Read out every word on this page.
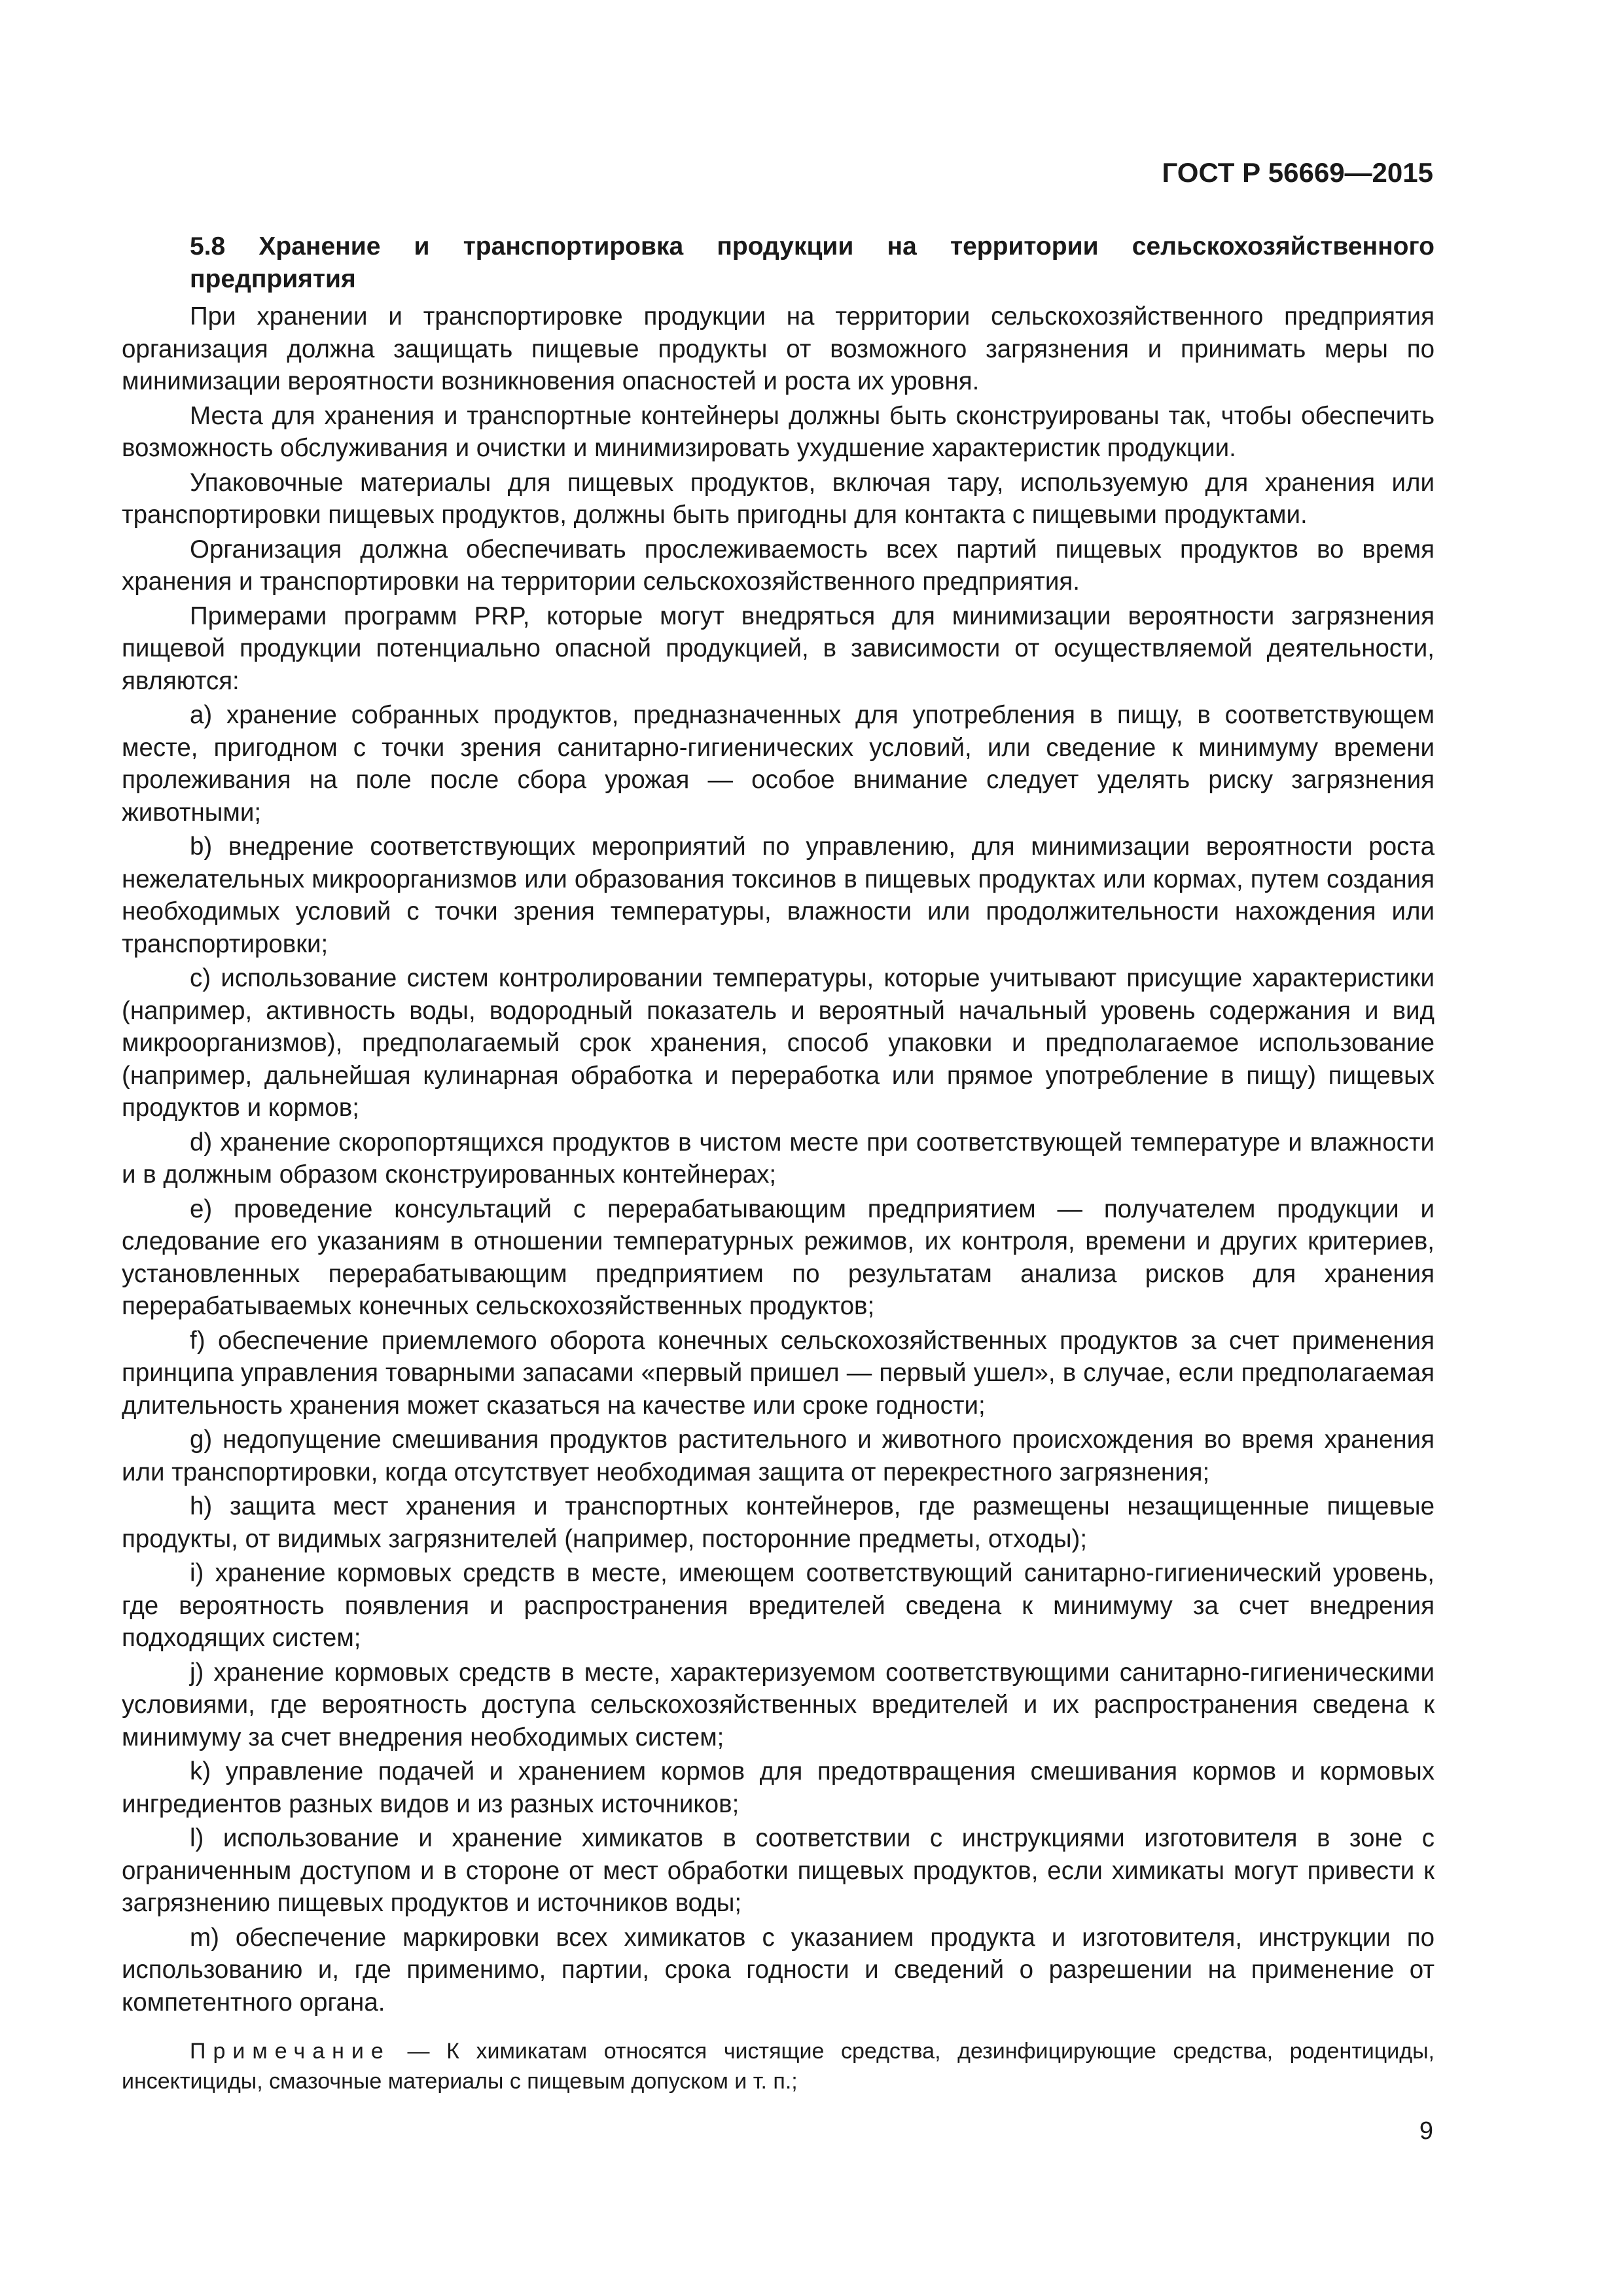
ГОСТ Р 56669—2015
5.8 Хранение и транспортировка продукции на территории сельскохозяйственного
предприятия

При хранении и транспортировке продукции на территории сельскохозяйственного предприятия организация должна защищать пищевые продукты от возможного загрязнения и принимать меры по минимизации вероятности возникновения опасностей и роста их уровня.

Места для хранения и транспортные контейнеры должны быть сконструированы так, чтобы обеспечить возможность обслуживания и очистки и минимизировать ухудшение характеристик продукции.

Упаковочные материалы для пищевых продуктов, включая тару, используемую для хранения или транспортировки пищевых продуктов, должны быть пригодны для контакта с пищевыми продуктами.

Организация должна обеспечивать прослеживаемость всех партий пищевых продуктов во время хранения и транспортировки на территории сельскохозяйственного предприятия.

Примерами программ PRP, которые могут внедряться для минимизации вероятности загрязнения пищевой продукции потенциально опасной продукцией, в зависимости от осуществляемой деятельности, являются:

a) хранение собранных продуктов, предназначенных для употребления в пищу, в соответствующем месте, пригодном с точки зрения санитарно-гигиенических условий, или сведение к минимуму времени пролеживания на поле после сбора урожая — особое внимание следует уделять риску загрязнения животными;

b) внедрение соответствующих мероприятий по управлению, для минимизации вероятности роста нежелательных микроорганизмов или образования токсинов в пищевых продуктах или кормах, путем создания необходимых условий с точки зрения температуры, влажности или продолжительности нахождения или транспортировки;

c) использование систем контролировании температуры, которые учитывают присущие характеристики (например, активность воды, водородный показатель и вероятный начальный уровень содержания и вид микроорганизмов), предполагаемый срок хранения, способ упаковки и предполагаемое использование (например, дальнейшая кулинарная обработка и переработка или прямое употребление в пищу) пищевых продуктов и кормов;

d) хранение скоропортящихся продуктов в чистом месте при соответствующей температуре и влажности и в должным образом сконструированных контейнерах;

e) проведение консультаций с перерабатывающим предприятием — получателем продукции и следование его указаниям в отношении температурных режимов, их контроля, времени и других критериев, установленных перерабатывающим предприятием по результатам анализа рисков для хранения перерабатываемых конечных сельскохозяйственных продуктов;

f) обеспечение приемлемого оборота конечных сельскохозяйственных продуктов за счет применения принципа управления товарными запасами «первый пришел — первый ушел», в случае, если предполагаемая длительность хранения может сказаться на качестве или сроке годности;

g) недопущение смешивания продуктов растительного и животного происхождения во время хранения или транспортировки, когда отсутствует необходимая защита от перекрестного загрязнения;

h) защита мест хранения и транспортных контейнеров, где размещены незащищенные пищевые продукты, от видимых загрязнителей (например, посторонние предметы, отходы);

i) хранение кормовых средств в месте, имеющем соответствующий санитарно-гигиенический уровень, где вероятность появления и распространения вредителей сведена к минимуму за счет внедрения подходящих систем;

j) хранение кормовых средств в месте, характеризуемом соответствующими санитарно-гигиеническими условиями, где вероятность доступа сельскохозяйственных вредителей и их распространения сведена к минимуму за счет внедрения необходимых систем;

k) управление подачей и хранением кормов для предотвращения смешивания кормов и кормовых ингредиентов разных видов и из разных источников;

l) использование и хранение химикатов в соответствии с инструкциями изготовителя в зоне с ограниченным доступом и в стороне от мест обработки пищевых продуктов, если химикаты могут привести к загрязнению пищевых продуктов и источников воды;

m) обеспечение маркировки всех химикатов с указанием продукта и изготовителя, инструкции по использованию и, где применимо, партии, срока годности и сведений о разрешении на применение от компетентного органа.

Примечание — К химикатам относятся чистящие средства, дезинфицирующие средства, родентициды, инсектициды, смазочные материалы с пищевым допуском и т. п.;

9
